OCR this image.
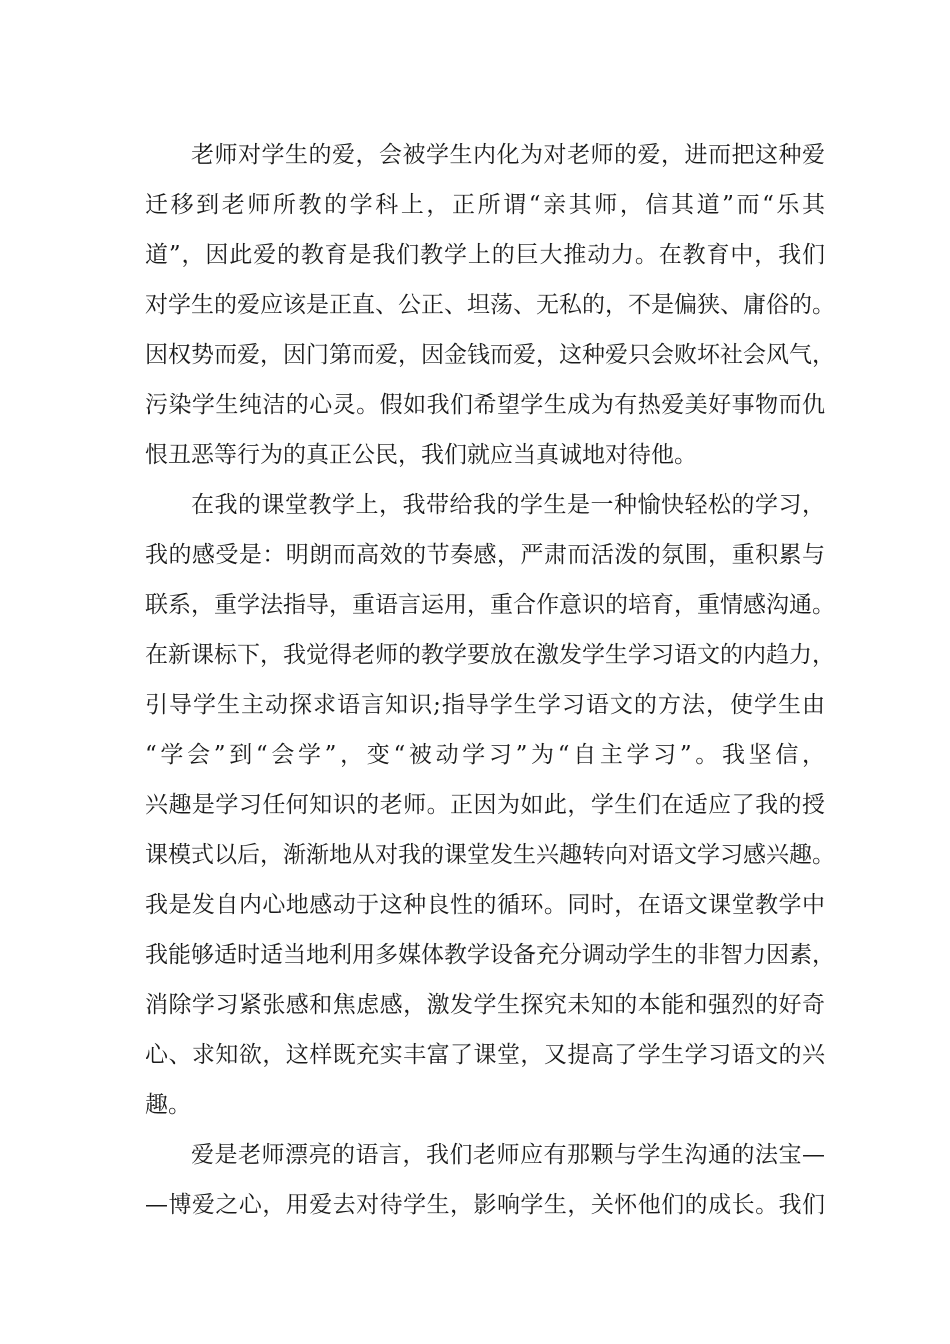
老师对学生的爱，会被学生内化为对老师的爱，进而把这种爱
迁移到老师所教的学科上，正所谓“亲其师，信其道”而“乐其
道”，因此爱的教育是我们教学上的巨大推动力。在教育中，我们
对学生的爱应该是正直、公正、坦荡、无私的，不是偏狭、庸俗的。
因权势而爱，因门第而爱，因金钱而爱，这种爱只会败坏社会风气，
污染学生纯洁的心灵。假如我们希望学生成为有热爱美好事物而仇
恨丑恶等行为的真正公民，我们就应当真诚地对待他。
在我的课堂教学上，我带给我的学生是一种愉快轻松的学习，
我的感受是：明朗而高效的节奏感，严肃而活泼的氛围，重积累与
联系，重学法指导，重语言运用，重合作意识的培育，重情感沟通。
在新课标下，我觉得老师的教学要放在激发学生学习语文的内趋力，
引导学生主动探求语言知识;指导学生学习语文的方法，使学生由
“学会”到“会学”，变“被动学习”为“自主学习”。我坚信，
兴趣是学习任何知识的老师。正因为如此，学生们在适应了我的授
课模式以后，渐渐地从对我的课堂发生兴趣转向对语文学习感兴趣。
我是发自内心地感动于这种良性的循环。同时，在语文课堂教学中
我能够适时适当地利用多媒体教学设备充分调动学生的非智力因素，
消除学习紧张感和焦虑感，激发学生探究未知的本能和强烈的好奇
心、求知欲，这样既充实丰富了课堂，又提高了学生学习语文的兴
趣。
爱是老师漂亮的语言，我们老师应有那颗与学生沟通的法宝—
—博爱之心，用爱去对待学生，影响学生，关怀他们的成长。我们
